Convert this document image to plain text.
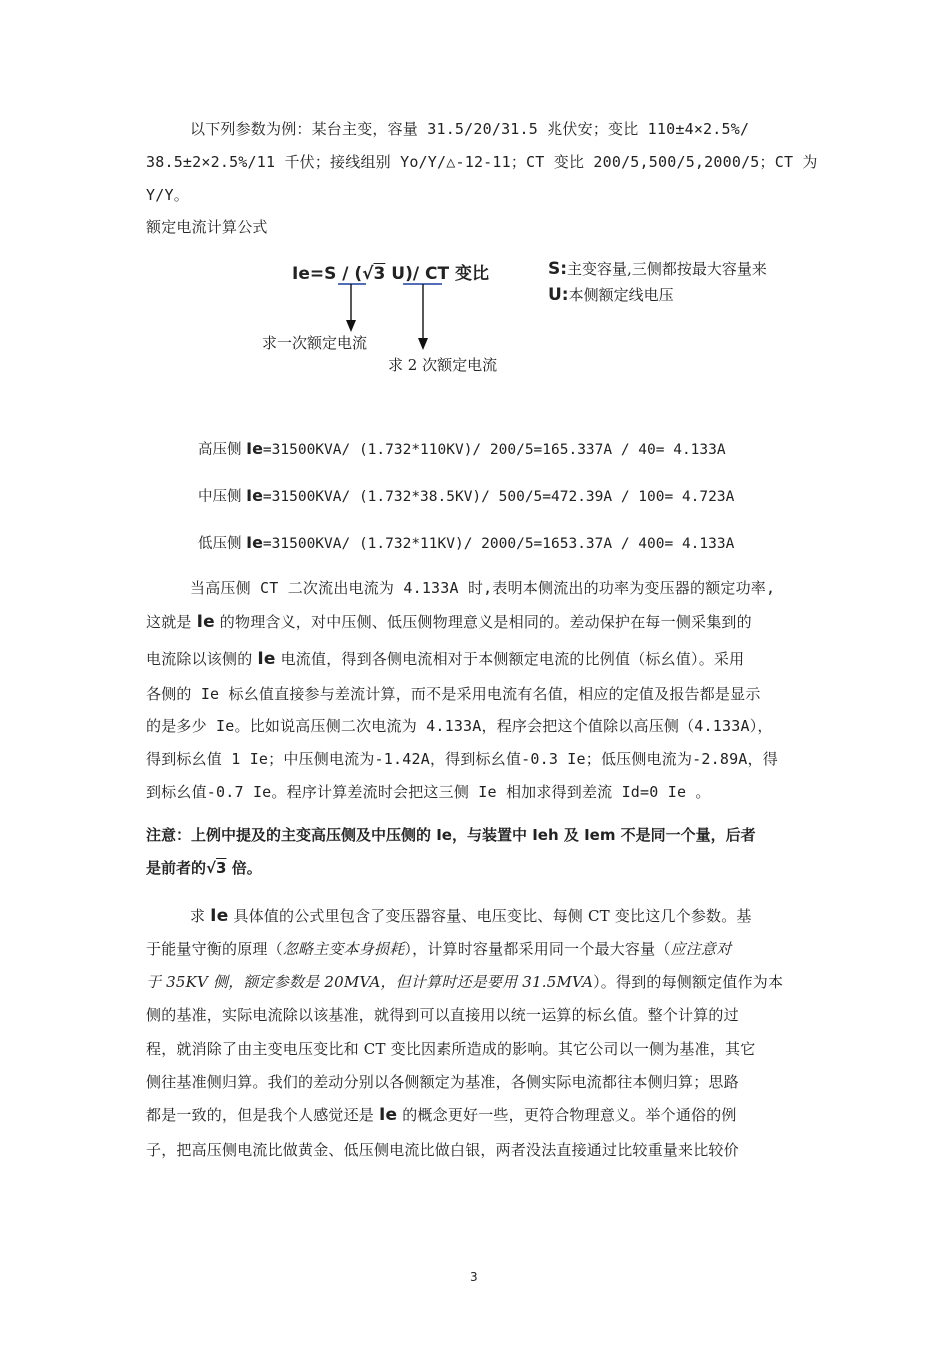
以下列参数为例：某台主变，容量 31.5/20/31.5 兆伏安；变比 110±4×2.5%/
38.5±2×2.5%/11 千伏；接线组别 Yo/Y/△-12-11；CT 变比 200/5,500/5,2000/5；CT 为
Y/Y。
额定电流计算公式
Ie=S / (√3 U)/ CT 变比	S:主变容量,三侧都按最大容量来
U:本侧额定线电压
求一次额定电流
求 2 次额定电流
高压侧 Ie=31500KVA/ (1.732*110KV)/ 200/5=165.337A / 40= 4.133A
中压侧 Ie=31500KVA/ (1.732*38.5KV)/ 500/5=472.39A / 100= 4.723A
低压侧 Ie=31500KVA/ (1.732*11KV)/ 2000/5=1653.37A / 400= 4.133A
当高压侧 CT 二次流出电流为 4.133A 时,表明本侧流出的功率为变压器的额定功率,
这就是 Ie 的物理含义，对中压侧、低压侧物理意义是相同的。差动保护在每一侧采集到的
电流除以该侧的 Ie 电流值，得到各侧电流相对于本侧额定电流的比例值（标幺值）。采用
各侧的 Ie 标幺值直接参与差流计算，而不是采用电流有名值，相应的定值及报告都是显示
的是多少 Ie。比如说高压侧二次电流为 4.133A，程序会把这个值除以高压侧（4.133A），
得到标幺值 1 Ie；中压侧电流为-1.42A，得到标幺值-0.3 Ie；低压侧电流为-2.89A，得
到标幺值-0.7 Ie。程序计算差流时会把这三侧 Ie 相加求得到差流 Id=0 Ie 。
注意：上例中提及的主变高压侧及中压侧的 Ie，与装置中 Ieh 及 Iem 不是同一个量，后者
是前者的√3 倍。
求 Ie 具体值的公式里包含了变压器容量、电压变比、每侧 CT 变比这几个参数。基
于能量守衡的原理（忽略主变本身损耗），计算时容量都采用同一个最大容量（应注意对
于 35KV 侧，额定参数是 20MVA，但计算时还是要用 31.5MVA）。得到的每侧额定值作为本
侧的基准，实际电流除以该基准，就得到可以直接用以统一运算的标幺值。整个计算的过
程，就消除了由主变电压变比和 CT 变比因素所造成的影响。其它公司以一侧为基准，其它
侧往基准侧归算。我们的差动分别以各侧额定为基准，各侧实际电流都往本侧归算；思路
都是一致的，但是我个人感觉还是 Ie 的概念更好一些，更符合物理意义。举个通俗的例
子，把高压侧电流比做黄金、低压侧电流比做白银，两者没法直接通过比较重量来比较价
3
